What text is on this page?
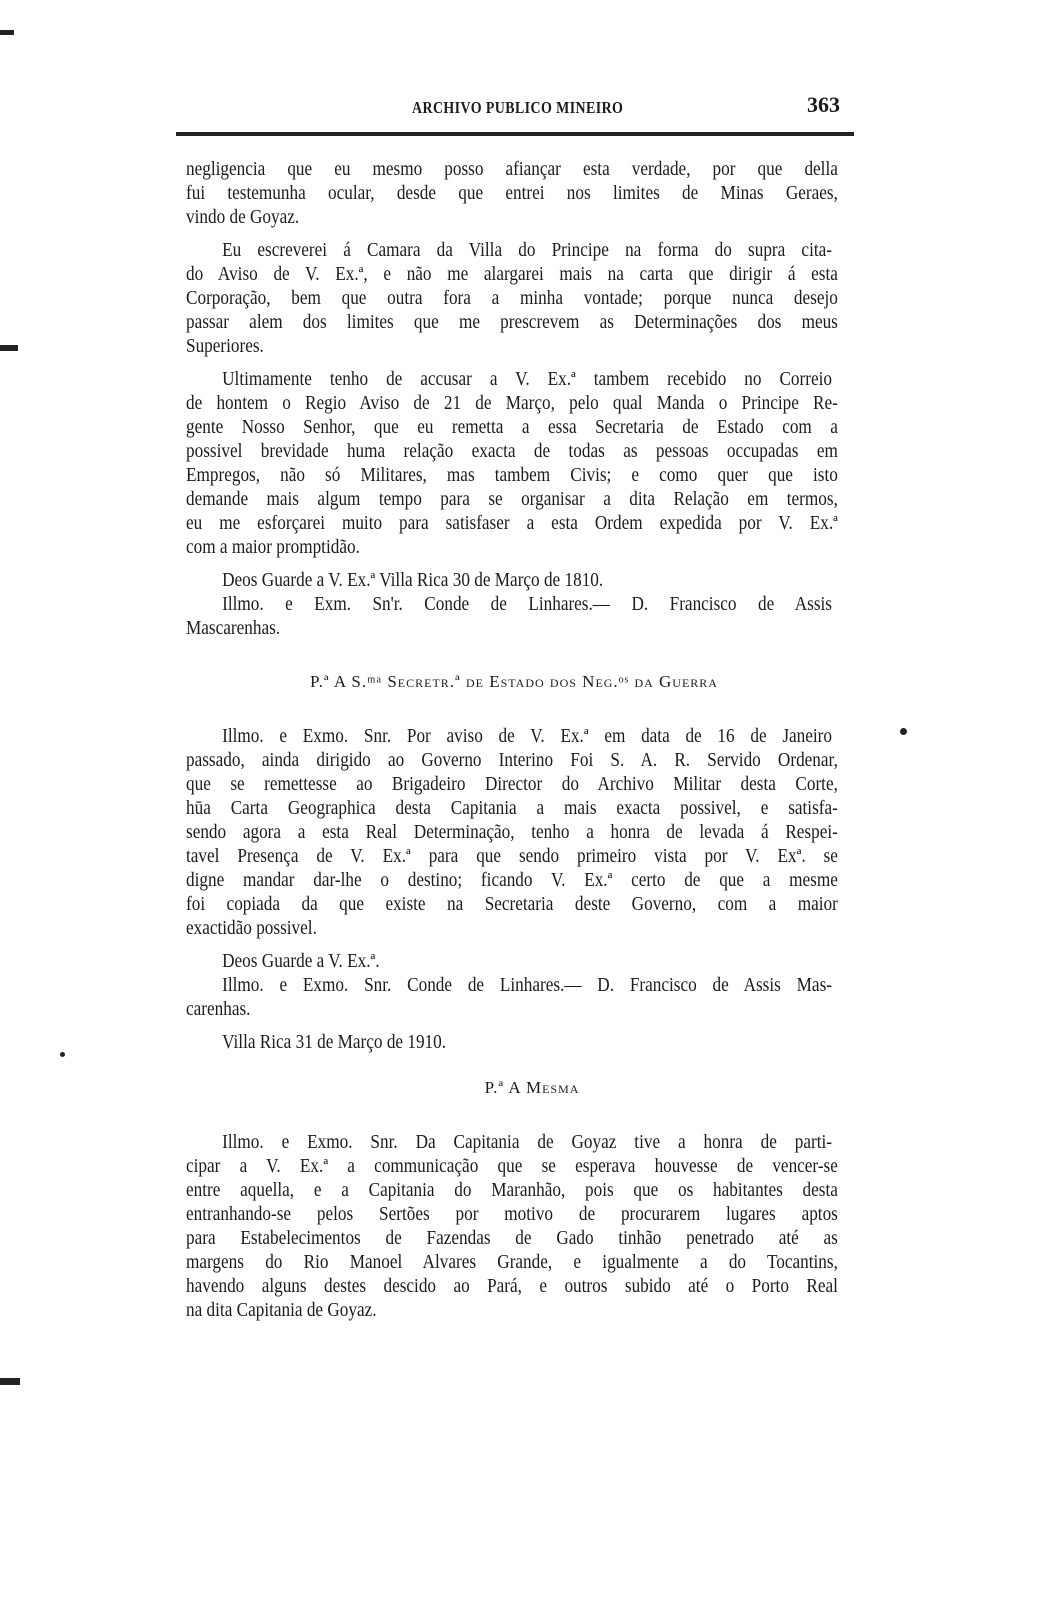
ARCHIVO PUBLICO MINEIRO	363
negligencia que eu mesmo posso afiançar esta verdade, por que della
fui testemunha ocular, desde que entrei nos limites de Minas Geraes,
vindo de Goyaz.
Eu escreverei á Camara da Villa do Principe na forma do supra cita-
do Aviso de V. Ex.ª, e não me alargarei mais na carta que dirigir á esta
Corporação, bem que outra fora a minha vontade; porque nunca desejo
passar alem dos limites que me prescrevem as Determinações dos meus
Superiores.
Ultimamente tenho de accusar a V. Ex.ª tambem recebido no Correio
de hontem o Regio Aviso de 21 de Março, pelo qual Manda o Principe Re-
gente Nosso Senhor, que eu remetta a essa Secretaria de Estado com a
possivel brevidade huma relação exacta de todas as pessoas occupadas em
Empregos, não só Militares, mas tambem Civis; e como quer que isto
demande mais algum tempo para se organisar a dita Relação em termos,
eu me esforçarei muito para satisfaser a esta Ordem expedida por V. Ex.ª
com a maior promptidão.
Deos Guarde a V. Ex.ª Villa Rica 30 de Março de 1810.
Illmo. e Exm. Sn'r. Conde de Linhares.— D. Francisco de Assis
Mascarenhas.
P.ª A S.ᵐᵃ Secretr.ª de Estado dos Neg.ᵒˢ da Guerra
Illmo. e Exmo. Snr. Por aviso de V. Ex.ª em data de 16 de Janeiro
passado, ainda dirigido ao Governo Interino Foi S. A. R. Servido Ordenar,
que se remettesse ao Brigadeiro Director do Archivo Militar desta Corte,
hūa Carta Geographica desta Capitania a mais exacta possivel, e satisfa-
sendo agora a esta Real Determinação, tenho a honra de levada á Respei-
tavel Presença de V. Ex.ª para que sendo primeiro vista por V. Exª. se
digne mandar dar-lhe o destino; ficando V. Ex.ª certo de que a mesme
foi copiada da que existe na Secretaria deste Governo, com a maior
exactidão possivel.
Deos Guarde a V. Ex.ª.
Illmo. e Exmo. Snr. Conde de Linhares.— D. Francisco de Assis Mas-
carenhas.
Villa Rica 31 de Março de 1910.
P.ª A Mesma
Illmo. e Exmo. Snr. Da Capitania de Goyaz tive a honra de parti-
cipar a V. Ex.ª a communicação que se esperava houvesse de vencer-se
entre aquella, e a Capitania do Maranhão, pois que os habitantes desta
entranhando-se pelos Sertões por motivo de procurarem lugares aptos
para Estabelecimentos de Fazendas de Gado tinhão penetrado até as
margens do Rio Manoel Alvares Grande, e igualmente a do Tocantins,
havendo alguns destes descido ao Pará, e outros subido até o Porto Real
na dita Capitania de Goyaz.
